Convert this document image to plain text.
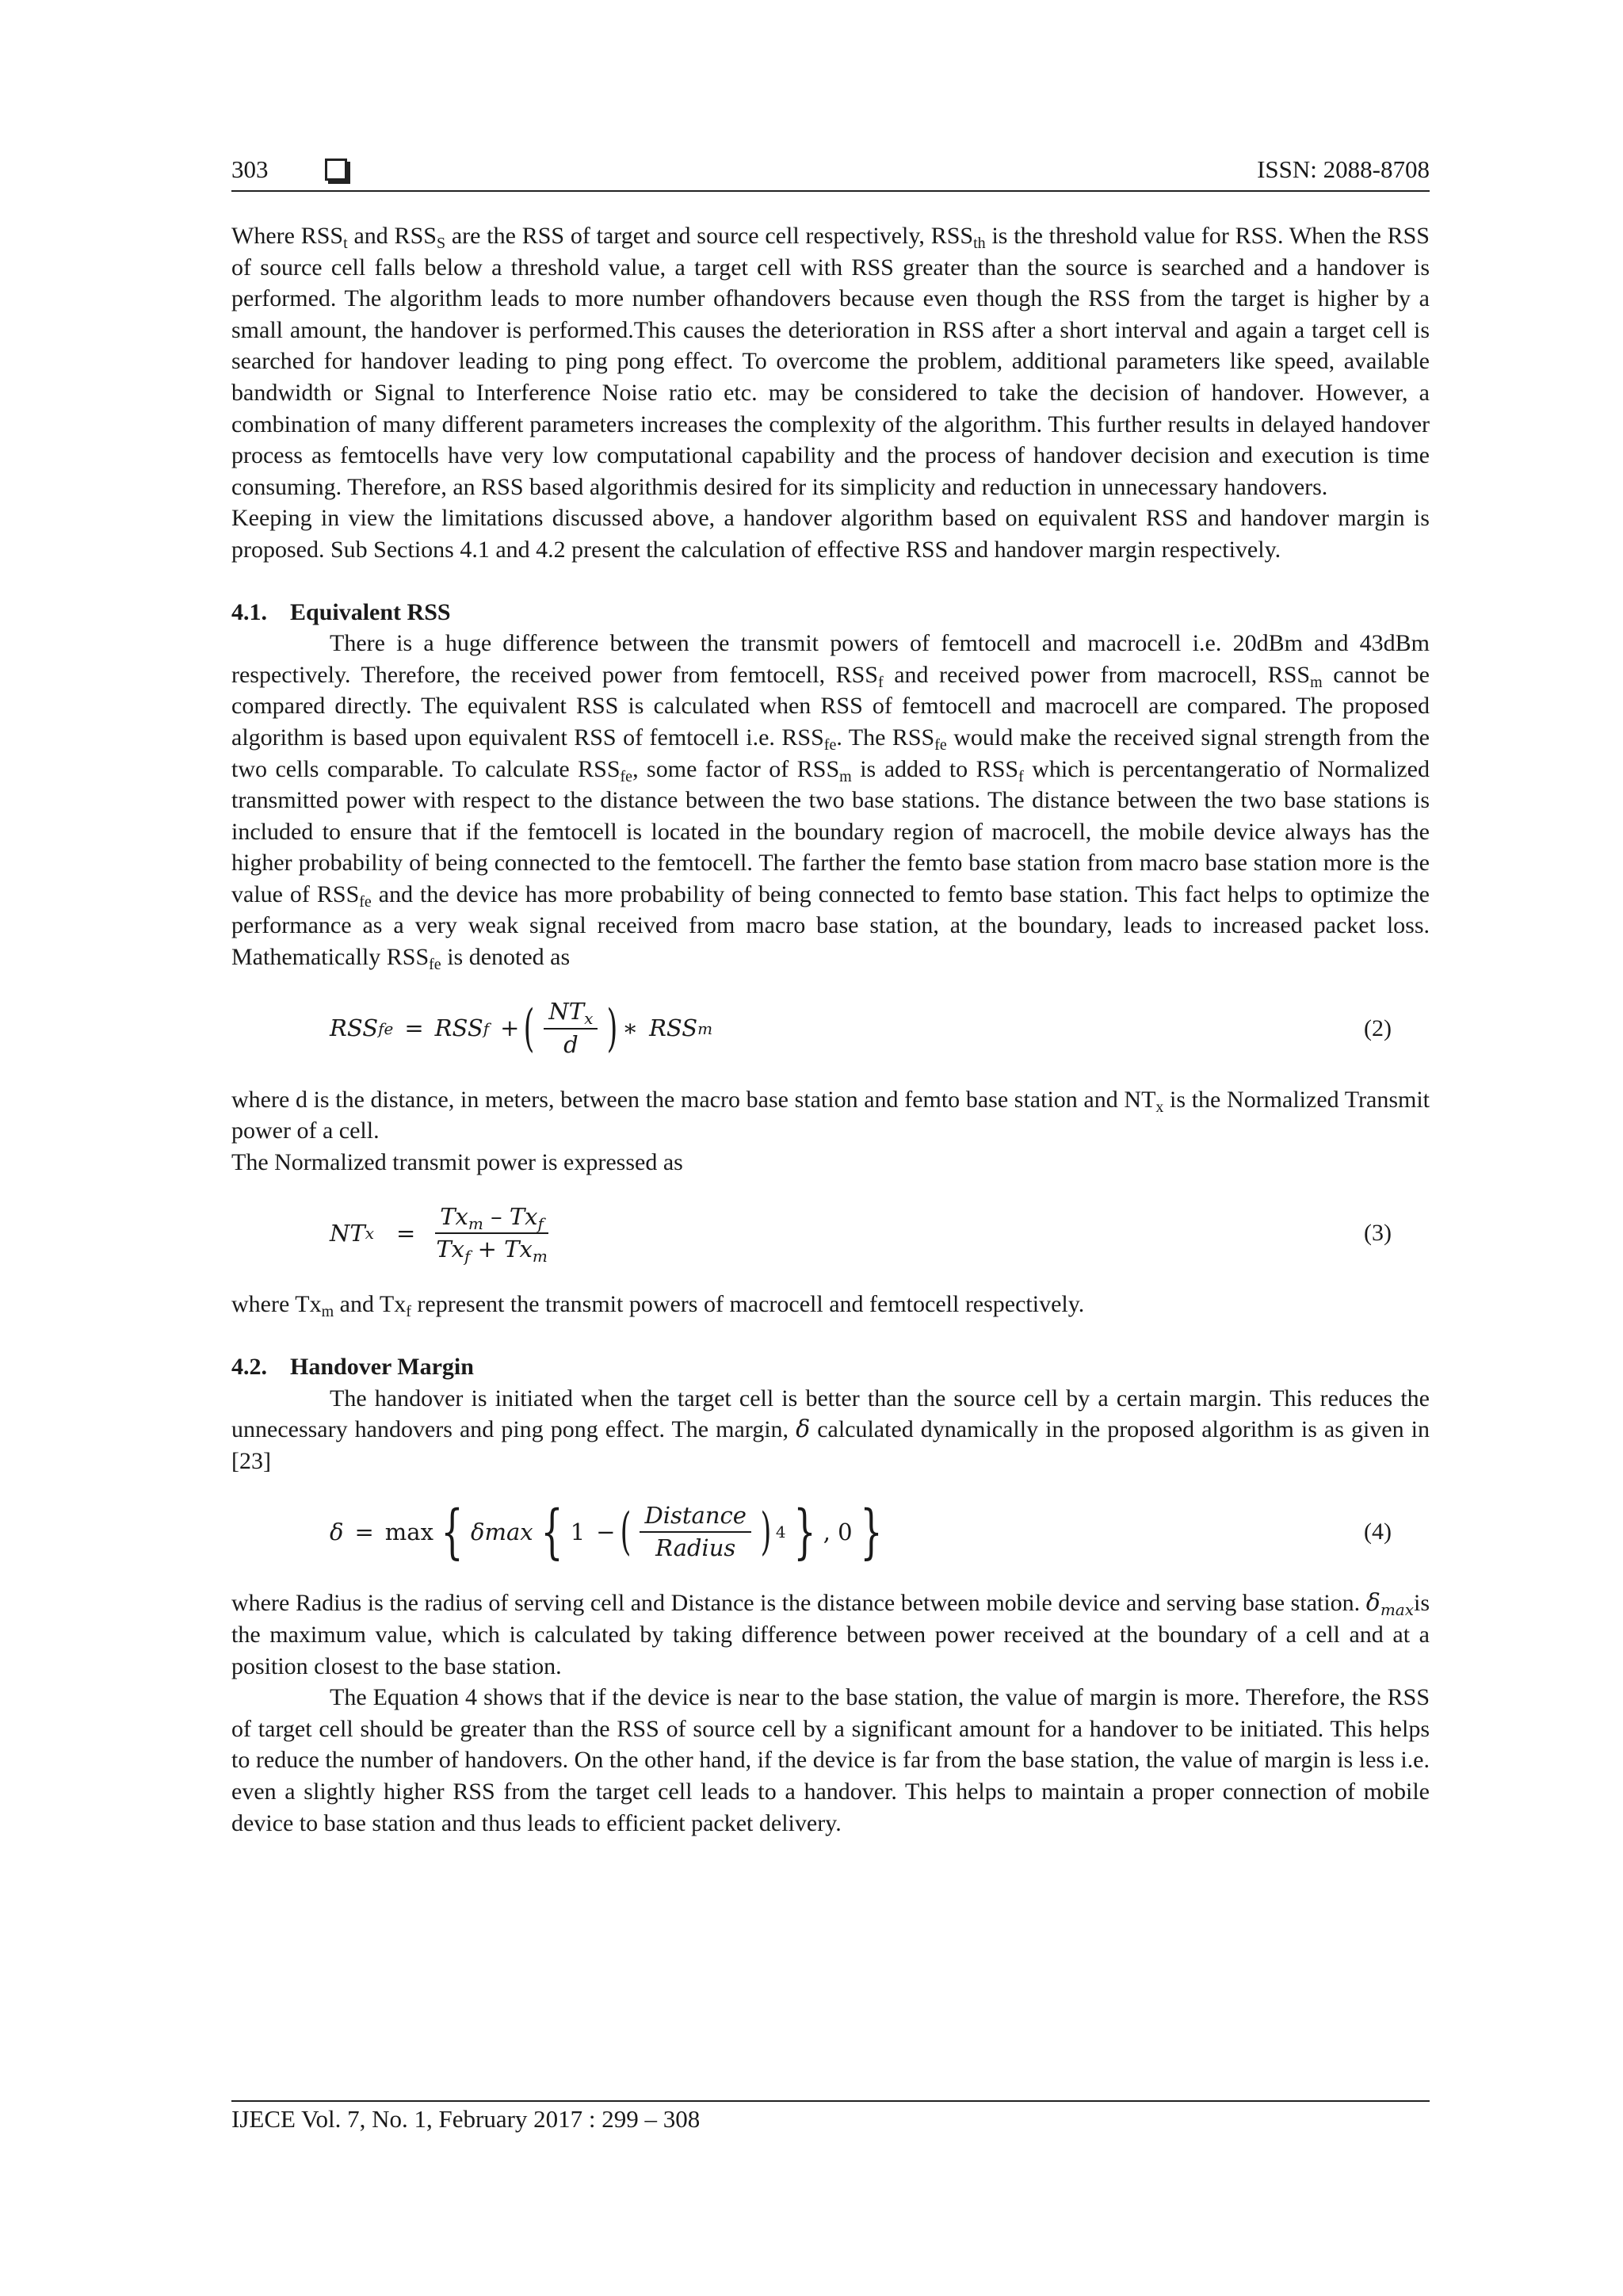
303	ISSN: 2088-8708

Where $RSS_t$ and $RSS_S$ are the RSS of target and source cell respectively, $RSS_{th}$ is the threshold value for RSS. When the RSS of source cell falls below a threshold value, a target cell with RSS greater than the source is searched and a handover is performed. The algorithm leads to more number ofhandovers because even though the RSS from the target is higher by a small amount, the handover is performed.This causes the deterioration in RSS after a short interval and again a target cell is searched for handover leading to ping pong effect. To overcome the problem, additional parameters like speed, available bandwidth or Signal to Interference Noise ratio etc. may be considered to take the decision of handover. However, a combination of many different parameters increases the complexity of the algorithm. This further results in delayed handover process as femtocells have very low computational capability and the process of handover decision and execution is time consuming. Therefore, an RSS based algorithmis desired for its simplicity and reduction in unnecessary handovers.

Keeping in view the limitations discussed above, a handover algorithm based on equivalent RSS and handover margin is proposed. Sub Sections 4.1 and 4.2 present the calculation of effective RSS and handover margin respectively.

4.1. Equivalent RSS

There is a huge difference between the transmit powers of femtocell and macrocell i.e. 20dBm and 43dBm respectively. Therefore, the received power from femtocell, $RSS_f$ and received power from macrocell, $RSS_m$ cannot be compared directly. The equivalent RSS is calculated when RSS of femtocell and macrocell are compared. The proposed algorithm is based upon equivalent RSS of femtocell i.e. $RSS_{fe}$. The $RSS_{fe}$ would make the received signal strength from the two cells comparable. To calculate $RSS_{fe}$, some factor of $RSS_m$ is added to $RSS_f$ which is percentangeratio of Normalized transmitted power with respect to the distance between the two base stations. The distance between the two base stations is included to ensure that if the femtocell is located in the boundary region of macrocell, the mobile device always has the higher probability of being connected to the femtocell. The farther the femto base station from macro base station more is the value of $RSS_{fe}$ and the device has more probability of being connected to femto base station. This fact helps to optimize the performance as a very weak signal received from macro base station, at the boundary, leads to increased packet loss. Mathematically $RSS_{fe}$ is denoted as

RSS fe = RSS f + ( $\frac{NT_x}{d}$ ) ∗ RSS m	(2)

where d is the distance, in meters, between the macro base station and femto base station and $NT_x$ is the Normalized Transmit power of a cell.

The Normalized transmit power is expressed as

NT $x = \frac{Tx_m - Tx_f}{Tx_f + Tx_m}$	(3)

where $Tx_m$ and $Tx_f$ represent the transmit powers of macrocell and femtocell respectively.

4.2. Handover Margin

The handover is initiated when the target cell is better than the source cell by a certain margin. This reduces the unnecessary handovers and ping pong effect. The margin, δ calculated dynamically in the proposed algorithm is as given in [23]

δ = max { δmax { 1 − ( $\frac{\text{Distance}}{\text{Radius}}$ ) 4 } , 0 }	(4)

where Radius is the radius of serving cell and Distance is the distance between mobile device and serving base station. $\delta_{max}is$ the maximum value, which is calculated by taking difference between power received at the boundary of a cell and at a position closest to the base station.

The Equation 4 shows that if the device is near to the base station, the value of margin is more. Therefore, the RSS of target cell should be greater than the RSS of source cell by a significant amount for a handover to be initiated. This helps to reduce the number of handovers. On the other hand, if the device is far from the base station, the value of margin is less i.e. even a slightly higher RSS from the target cell leads to a handover. This helps to maintain a proper connection of mobile device to base station and thus leads to efficient packet delivery.

IJECE Vol. 7, No. 1, February 2017 : 299 – 308
